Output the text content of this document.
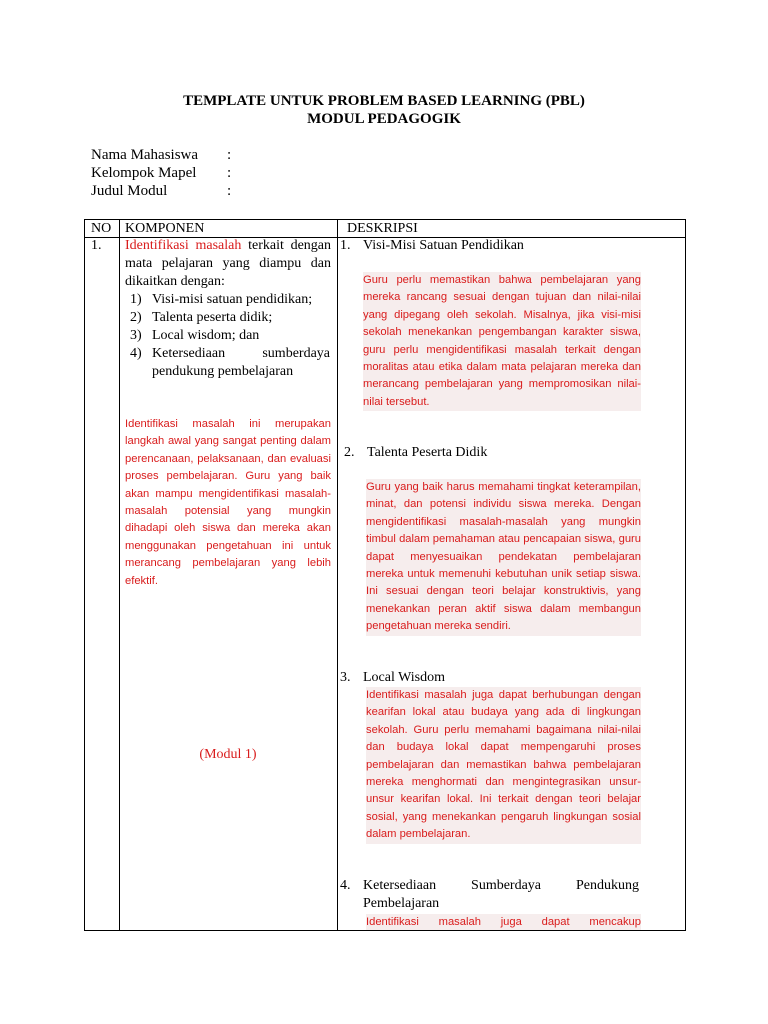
TEMPLATE UNTUK PROBLEM BASED LEARNING (PBL)
MODUL PEDAGOGIK
Nama Mahasiswa :
Kelompok Mapel :
Judul Modul	:
NO KOMPONEN	DESKRIPSI
1. Identifikasi masalah terkait dengan mata pelajaran yang diampu dan dikaitkan dengan:
1) Visi-misi satuan pendidikan;
2) Talenta peserta didik;
3) Local wisdom; dan
4) Ketersediaan sumberdaya pendukung pembelajaran
Identifikasi masalah ini merupakan langkah awal yang sangat penting dalam perencanaan, pelaksanaan, dan evaluasi proses pembelajaran. Guru yang baik akan mampu mengidentifikasi masalah-masalah potensial yang mungkin dihadapi oleh siswa dan mereka akan menggunakan pengetahuan ini untuk merancang pembelajaran yang lebih efektif.
(Modul 1)
1. Visi-Misi Satuan Pendidikan
Guru perlu memastikan bahwa pembelajaran yang mereka rancang sesuai dengan tujuan dan nilai-nilai yang dipegang oleh sekolah. Misalnya, jika visi-misi sekolah menekankan pengembangan karakter siswa, guru perlu mengidentifikasi masalah terkait dengan moralitas atau etika dalam mata pelajaran mereka dan merancang pembelajaran yang mempromosikan nilai-nilai tersebut.
2. Talenta Peserta Didik
Guru yang baik harus memahami tingkat keterampilan, minat, dan potensi individu siswa mereka. Dengan mengidentifikasi masalah-masalah yang mungkin timbul dalam pemahaman atau pencapaian siswa, guru dapat menyesuaikan pendekatan pembelajaran mereka untuk memenuhi kebutuhan unik setiap siswa. Ini sesuai dengan teori belajar konstruktivis, yang menekankan peran aktif siswa dalam membangun pengetahuan mereka sendiri.
3. Local Wisdom
Identifikasi masalah juga dapat berhubungan dengan kearifan lokal atau budaya yang ada di lingkungan sekolah. Guru perlu memahami bagaimana nilai-nilai dan budaya lokal dapat mempengaruhi proses pembelajaran dan memastikan bahwa pembelajaran mereka menghormati dan mengintegrasikan unsur-unsur kearifan lokal. Ini terkait dengan teori belajar sosial, yang menekankan pengaruh lingkungan sosial dalam pembelajaran.
4. Ketersediaan Sumberdaya Pendukung Pembelajaran
Identifikasi masalah juga dapat mencakup
